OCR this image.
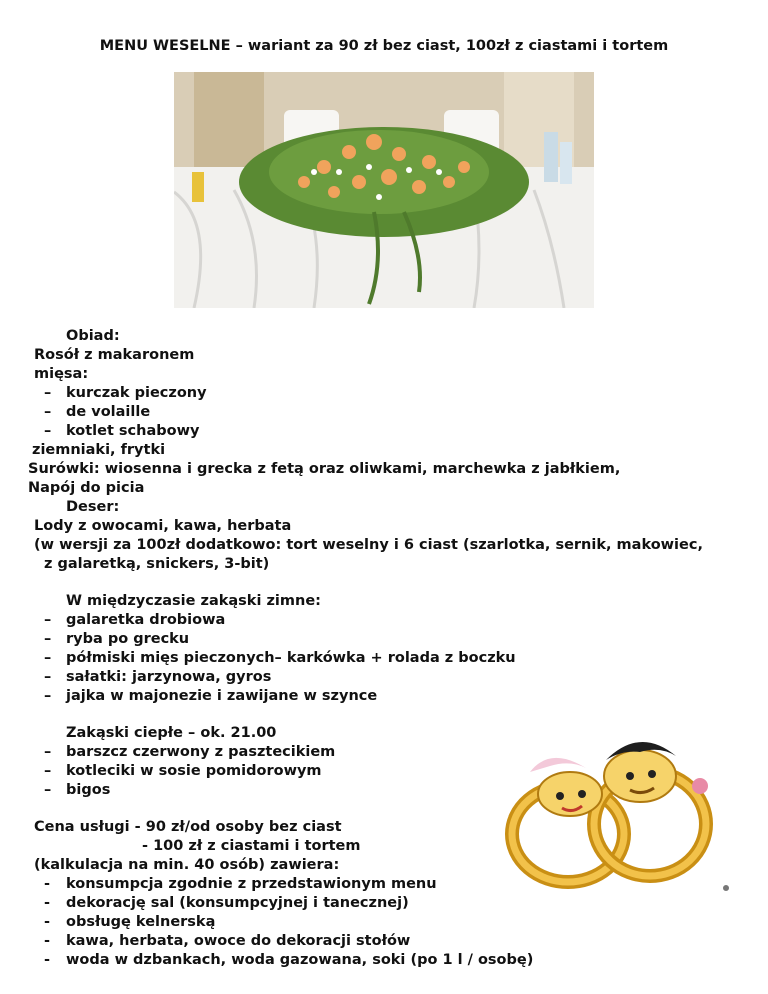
MENU WESELNE – wariant za 90 zł bez ciast, 100zł z ciastami i tortem
Obiad:
Rosół z makaronem
mięsa:
– kurczak pieczony
– de volaille
– kotlet schabowy
ziemniaki, frytki
Surówki: wiosenna i grecka z fetą oraz oliwkami, marchewka z jabłkiem,
Napój do picia
Deser:
Lody z owocami, kawa, herbata
(w wersji za 100zł dodatkowo: tort weselny i 6 ciast (szarlotka, sernik, makowiec,
z galaretką, snickers, 3-bit)
W międzyczasie zakąski zimne:
– galaretka drobiowa
– ryba po grecku
– półmiski mięs pieczonych– karkówka + rolada z boczku
– sałatki: jarzynowa, gyros
– jajka w majonezie i zawijane w szynce
Zakąski ciepłe – ok. 21.00
– barszcz czerwony z pasztecikiem
– kotleciki w sosie pomidorowym
– bigos
Cena usługi - 90 zł/od osoby bez ciast
- 100 zł z ciastami i tortem
(kalkulacja na min. 40 osób) zawiera:
- konsumpcja zgodnie z przedstawionym menu
- dekorację sal (konsumpcyjnej i tanecznej)
- obsługę kelnerską
- kawa, herbata, owoce do dekoracji stołów
- woda w dzbankach, woda gazowana, soki (po 1 l / osobę)
